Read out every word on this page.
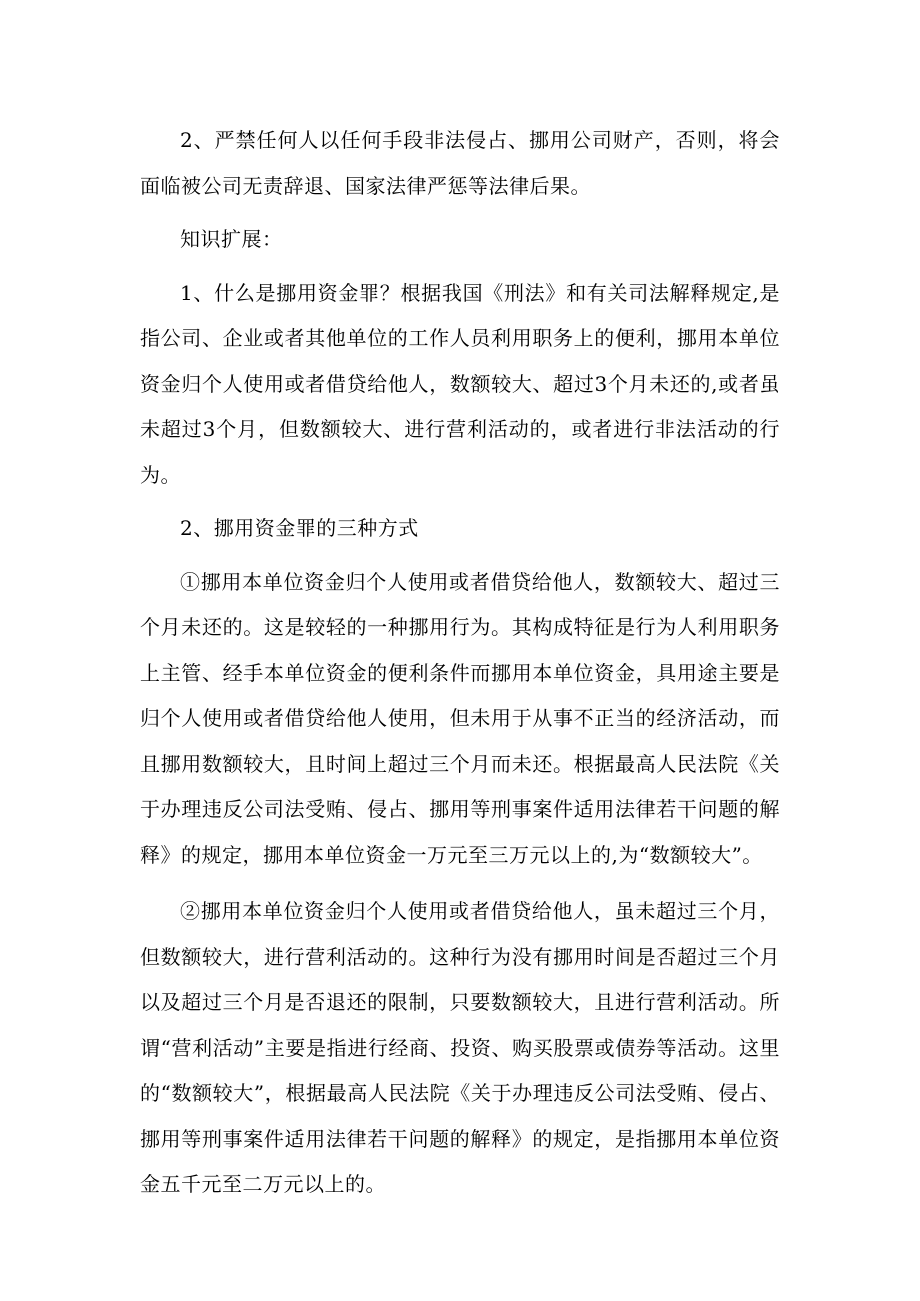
2、严禁任何人以任何手段非法侵占、挪用公司财产，否则，将会面临被公司无责辞退、国家法律严惩等法律后果。

知识扩展：

1、什么是挪用资金罪？根据我国《刑法》和有关司法解释规定,是指公司、企业或者其他单位的工作人员利用职务上的便利，挪用本单位资金归个人使用或者借贷给他人，数额较大、超过3个月未还的,或者虽未超过3个月，但数额较大、进行营利活动的，或者进行非法活动的行为。

2、挪用资金罪的三种方式

①挪用本单位资金归个人使用或者借贷给他人，数额较大、超过三个月未还的。这是较轻的一种挪用行为。其构成特征是行为人利用职务上主管、经手本单位资金的便利条件而挪用本单位资金，具用途主要是归个人使用或者借贷给他人使用，但未用于从事不正当的经济活动，而且挪用数额较大，且时间上超过三个月而未还。根据最高人民法院《关于办理违反公司法受贿、侵占、挪用等刑事案件适用法律若干问题的解释》的规定，挪用本单位资金一万元至三万元以上的,为“数额较大”。

②挪用本单位资金归个人使用或者借贷给他人，虽未超过三个月，但数额较大，进行营利活动的。这种行为没有挪用时间是否超过三个月以及超过三个月是否退还的限制，只要数额较大，且进行营利活动。所谓“营利活动”主要是指进行经商、投资、购买股票或债券等活动。这里的“数额较大”，根据最高人民法院《关于办理违反公司法受贿、侵占、挪用等刑事案件适用法律若干问题的解释》的规定，是指挪用本单位资金五千元至二万元以上的。
